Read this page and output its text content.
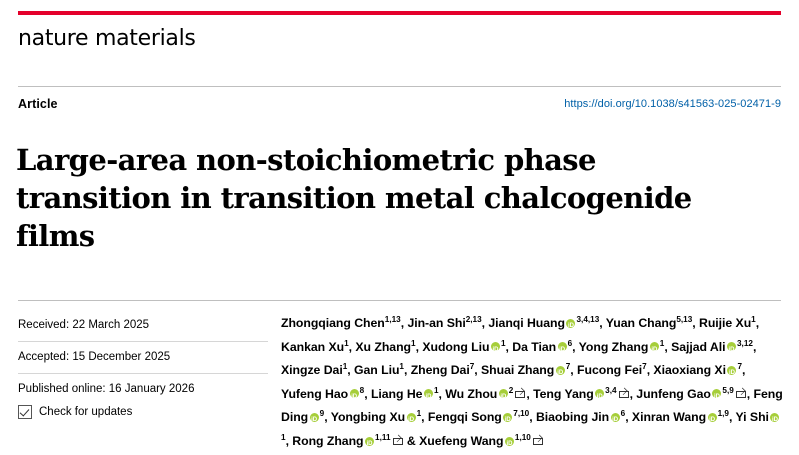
nature materials
Article	https://doi.org/10.1038/s41563-025-02471-9
Large-area non-stoichiometric phase transition in transition metal chalcogenide films
Received: 22 March 2025
Accepted: 15 December 2025
Published online: 16 January 2026
Check for updates
Zhongqiang Chen$^{1,13}$, Jin-an Shi$^{2,13}$, Jianqi Huang iD $^{3,4,13}$, Yuan Chang$^{5,13}$, Ruijie Xu$^1$, Kankan Xu$^1$, Xu Zhang$^1$, Xudong Liu iD $^1$, Da Tian iD $^6$, Yong Zhang iD $^1$, Sajjad Ali iD $^{3,12}$, Xingze Dai$^1$, Gan Liu$^1$, Zheng Dai$^7$, Shuai Zhang iD $^7$, Fucong Fei$^7$, Xiaoxiang Xi iD $^7$, Yufeng Hao iD $^8$, Liang He iD $^1$, Wu Zhou iD $^2$ , Teng Yang iD $^{3,4}$ , Junfeng Gao iD $^{5,9}$ , Feng Ding iD $^9$, Yongbing Xu iD $^1$, Fengqi Song iD $^{7,10}$, Biaobing Jin iD $^6$, Xinran Wang iD $^{1,9}$, Yi ShiiD$^1$, Rong Zhang iD $^{1,11}$ & Xuefeng Wang iD $^{1,10}$
